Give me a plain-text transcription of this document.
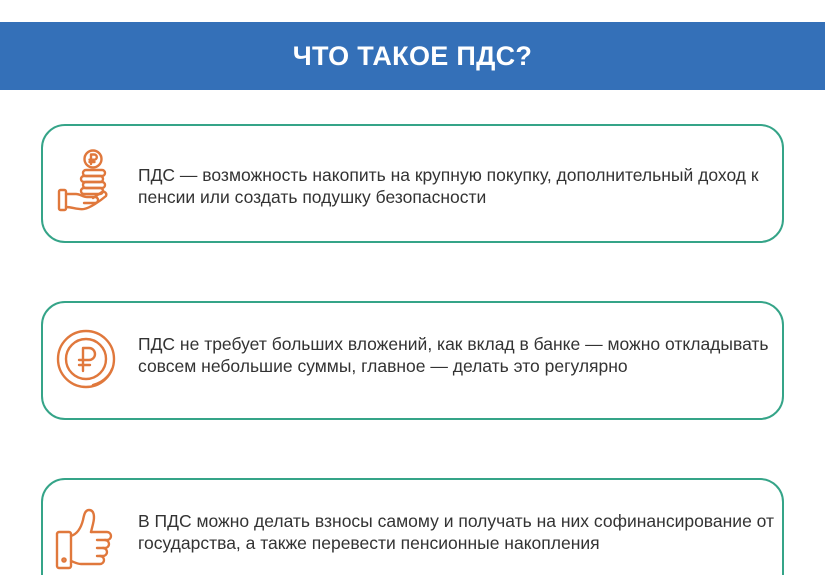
ЧТО ТАКОЕ ПДС?
ПДС — возможность накопить на крупную покупку, дополнительный доход к пенсии или создать подушку безопасности
ПДС не требует больших вложений, как вклад в банке — можно откладывать совсем небольшие суммы, главное — делать это регулярно
В ПДС можно делать взносы самому и получать на них софинансирование от государства, а также перевести пенсионные накопления
